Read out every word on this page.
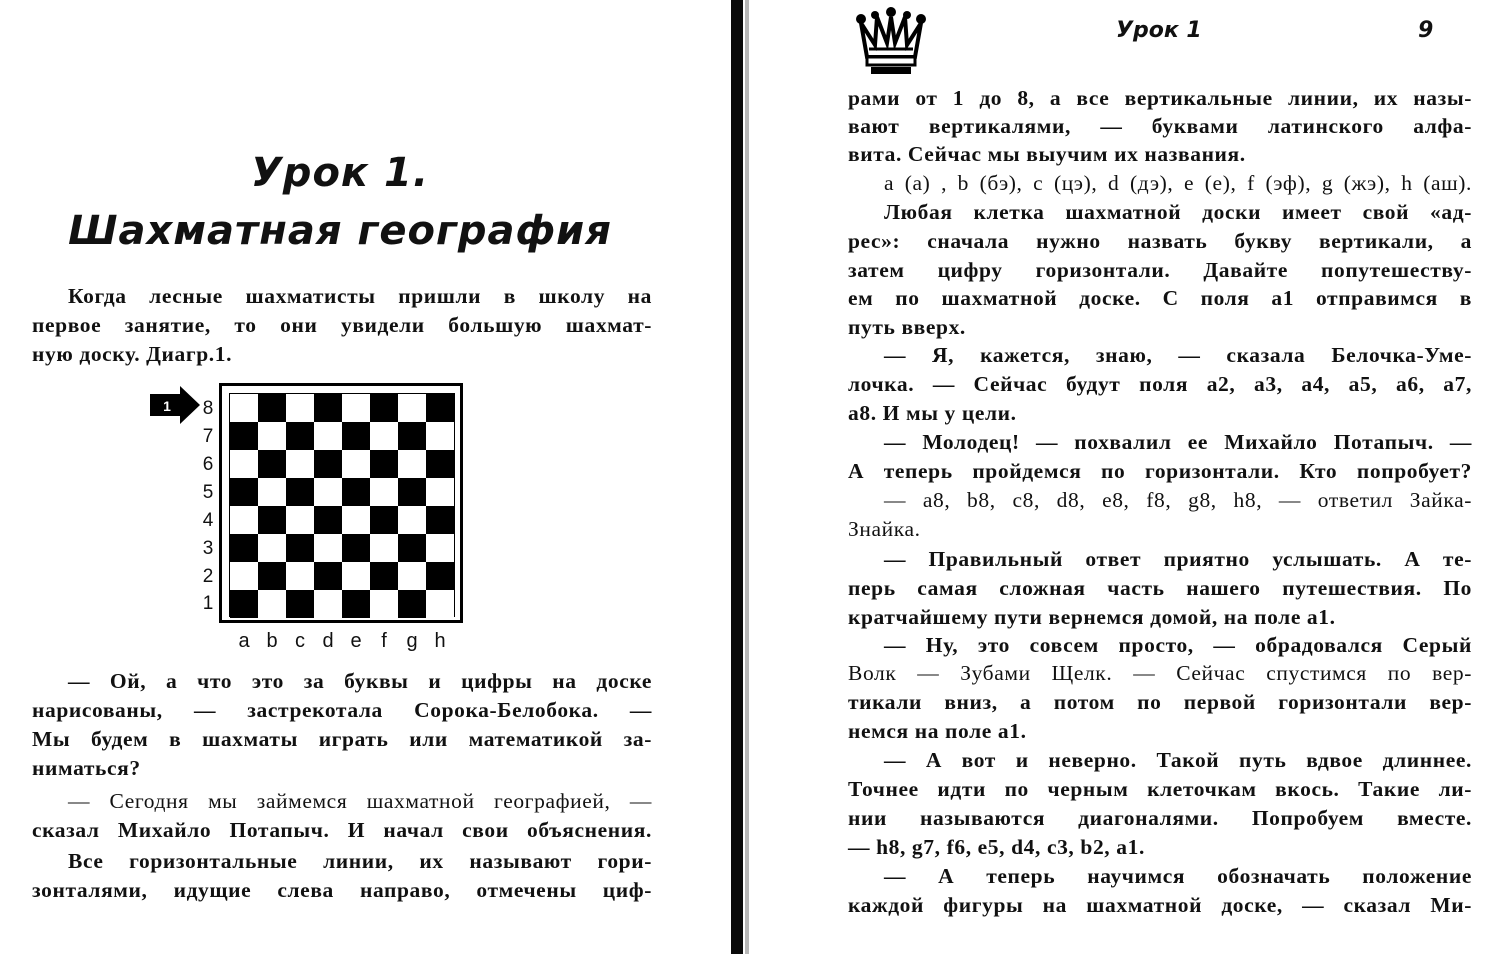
Урок 1.
Шахматная география
Когда лесные шахматисты пришли в школу на
первое занятие, то они увидели большую шахмат-
ную доску. Диагр.1.
1 8
7
6
5
4
3
2
1
a b c d e f g h
— Ой, а что это за буквы и цифры на доске
нарисованы, — застрекотала Сорока-Белобока. —
Мы будем в шахматы играть или математикой за-
ниматься?
— Сегодня мы займемся шахматной географией, —
сказал Михайло Потапыч. И начал свои объяснения.
Все горизонтальные линии, их называют гори-
зонталями, идущие слева направо, отмечены циф-
Урок 1	9
рами от 1 до 8, а все вертикальные линии, их назы-
вают вертикалями, — буквами латинского алфа-
вита. Сейчас мы выучим их названия.
a (а) , b (бэ), c (цэ), d (дэ), e (е), f (эф), g (жэ), h (аш).
Любая клетка шахматной доски имеет свой «ад-
рес»: сначала нужно назвать букву вертикали, а
затем цифру горизонтали. Давайте попутешеству-
ем по шахматной доске. С поля a1 отправимся в
путь вверх.
— Я, кажется, знаю, — сказала Белочка-Уме-
лочка. — Сейчас будут поля a2, a3, a4, a5, a6, a7,
a8. И мы у цели.
— Молодец! — похвалил ее Михайло Потапыч. —
А теперь пройдемся по горизонтали. Кто попробует?
— a8, b8, c8, d8, e8, f8, g8, h8, — ответил Зайка-
Знайка.
— Правильный ответ приятно услышать. А те-
перь самая сложная часть нашего путешествия. По
кратчайшему пути вернемся домой, на поле a1.
— Ну, это совсем просто, — обрадовался Серый
Волк — Зубами Щелк. — Сейчас спустимся по вер-
тикали вниз, а потом по первой горизонтали вер-
немся на поле a1.
— А вот и неверно. Такой путь вдвое длиннее.
Точнее идти по черным клеточкам вкось. Такие ли-
нии называются диагоналями. Попробуем вместе.
— h8, g7, f6, e5, d4, c3, b2, a1.
— А теперь научимся обозначать положение
каждой фигуры на шахматной доске, — сказал Ми-
